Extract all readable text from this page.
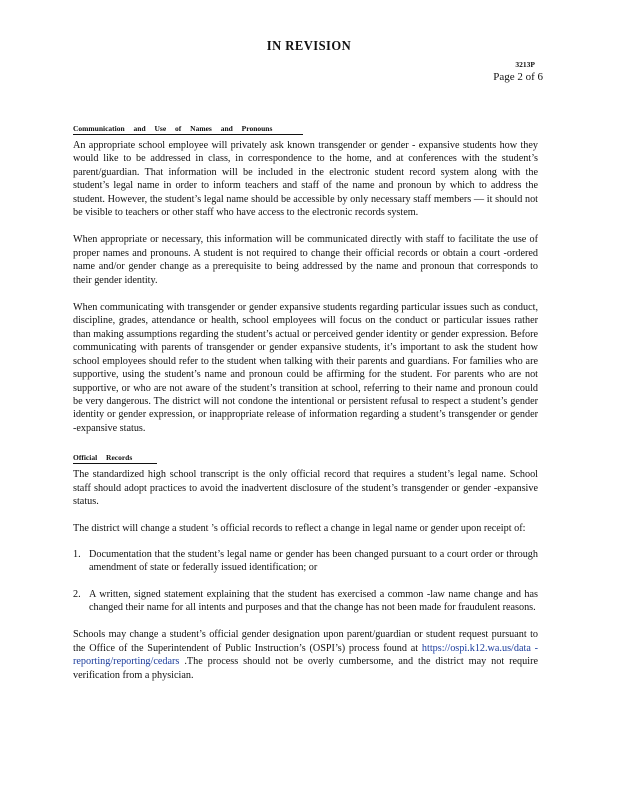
IN REVISION
3213P
Page 2 of 6
Communication and Use of Names and Pronouns

An appropriate school employee will privately ask known transgender or gender - expansive students how they would like to be addressed in class, in correspondence to the home, and at conferences with the student’s parent/guardian. That information will be included in the electronic student record system along with the student’s legal name in order to inform teachers and staff of the name and pronoun by which to address the student. However, the student’s legal name should be accessible by only necessary staff members — it should not be visible to teachers or other staff who have access to the electronic records system.

When appropriate or necessary, this information will be communicated directly with staff to facilitate the use of proper names and pronouns. A student is not required to change their official records or obtain a court -ordered name and/or gender change as a prerequisite to being addressed by the name and pronoun that corresponds to their gender identity.

When communicating with transgender or gender expansive students regarding particular issues such as conduct, discipline, grades, attendance or health, school employees will focus on the conduct or particular issues rather than making assumptions regarding the student’s actual or perceived gender identity or gender expression. Before communicating with parents of transgender or gender expansive students, it’s important to ask the student how school employees should refer to the student when talking with their parents and guardians. For families who are supportive, using the student’s name and pronoun could be affirming for the student. For parents who are not supportive, or who are not aware of the student’s transition at school, referring to their name and pronoun could be very dangerous. The district will not condone the intentional or persistent refusal to respect a student’s gender identity or gender expression, or inappropriate release of information regarding a student’s transgender or gender -expansive status.

Official Records

The standardized high school transcript is the only official record that requires a student’s legal name. School staff should adopt practices to avoid the inadvertent disclosure of the student’s transgender or gender -expansive status.

The district will change a student ’s official records to reflect a change in legal name or gender upon receipt of:

1. Documentation that the student’s legal name or gender has been changed pursuant to a court order or through amendment of state or federally issued identification; or
2. A written, signed statement explaining that the student has exercised a common -law name change and has changed their name for all intents and purposes and that the change has not been made for fraudulent reasons.

Schools may change a student’s official gender designation upon parent/guardian or student request pursuant to the Office of the Superintendent of Public Instruction’s (OSPI’s) process found at https://ospi.k12.wa.us/data - reporting/reporting/cedars .The process should not be overly cumbersome, and the district may not require verification from a physician.
